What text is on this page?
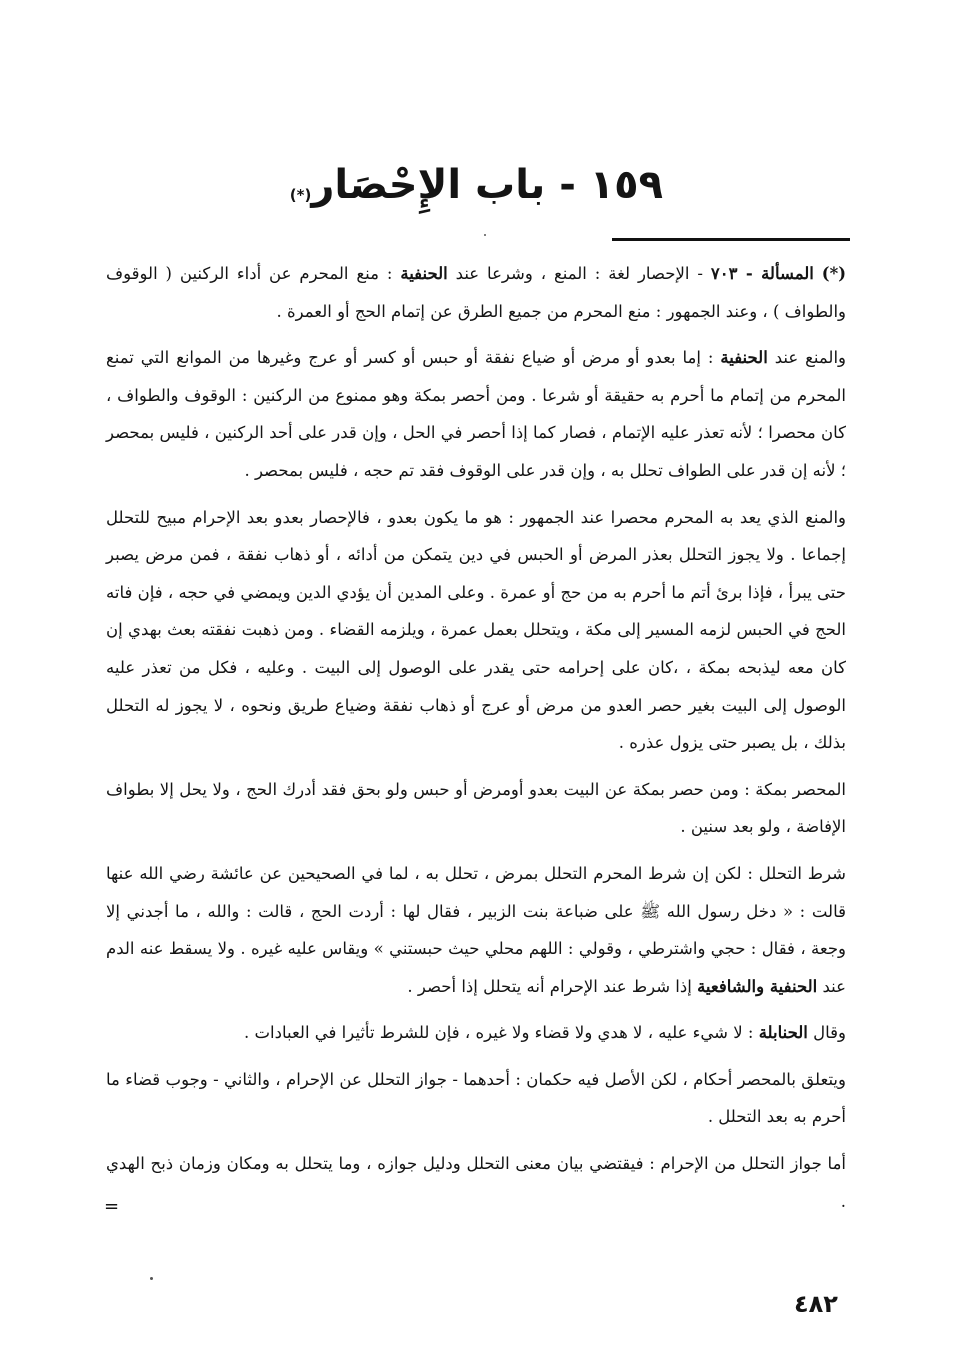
١٥٩ - باب الإِحْصَار(*)

(*) المسألة - ٧٠٣ - الإحصار لغة : المنع ، وشرعا عند الحنفية : منع المحرم عن أداء الركنين ( الوقوف والطواف ) ، وعند الجمهور : منع المحرم من جميع الطرق عن إتمام الحج أو العمرة .

والمنع عند الحنفية : إما بعدو أو مرض أو ضياع نفقة أو حبس أو كسر أو عرج وغيرها من الموانع التي تمنع المحرم من إتمام ما أحرم به حقيقة أو شرعا . ومن أحصر بمكة وهو ممنوع من الركنين : الوقوف والطواف ، كان محصرا ؛ لأنه تعذر عليه الإتمام ، فصار كما إذا أحصر في الحل ، وإن قدر على أحد الركنين ، فليس بمحصر ؛ لأنه إن قدر على الطواف تحلل به ، وإن قدر على الوقوف فقد تم حجه ، فليس بمحصر .

والمنع الذي يعد به المحرم محصرا عند الجمهور : هو ما يكون بعدو ، فالإحصار بعدو بعد الإحرام مبيح للتحلل إجماعا . ولا يجوز التحلل بعذر المرض أو الحبس في دين يتمكن من أدائه ، أو ذهاب نفقة ، فمن مرض يصبر حتى يبرأ ، فإذا برئ أتم ما أحرم به من حج أو عمرة . وعلى المدين أن يؤدي الدين ويمضي في حجه ، فإن فاته الحج في الحبس لزمه المسير إلى مكة ، ويتحلل بعمل عمرة ، ويلزمه القضاء . ومن ذهبت نفقته بعث بهدي إن كان معه ليذبحه بمكة ، ،كان على إحرامه حتى يقدر على الوصول إلى البيت . وعليه ، فكل من تعذر عليه الوصول إلى البيت بغير حصر العدو من مرض أو عرج أو ذهاب نفقة وضياع طريق ونحوه ، لا يجوز له التحلل بذلك ، بل يصبر حتى يزول عذره .

المحصر بمكة : ومن حصر بمكة عن البيت بعدو أومرض أو حبس ولو بحق فقد أدرك الحج ، ولا يحل إلا بطواف الإفاضة ، ولو بعد سنين .

شرط التحلل : لكن إن شرط المحرم التحلل بمرض ، تحلل به ، لما في الصحيحين عن عائشة رضي الله عنها قالت : « دخل رسول الله ﷺ على ضباعة بنت الزبير ، فقال لها : أردت الحج ، قالت : والله ، ما أجدني إلا وجعة ، فقال : حجي واشترطي ، وقولي : اللهم محلي حيث حبستني » ويقاس عليه غيره . ولا يسقط عنه الدم عند الحنفية والشافعية إذا شرط عند الإحرام أنه يتحلل إذا أحصر .

وقال الحنابلة : لا شيء عليه ، لا هدي ولا قضاء ولا غيره ، فإن للشرط تأثيرا في العبادات .

ويتعلق بالمحصر أحكام ، لكن الأصل فيه حكمان : أحدهما - جواز التحلل عن الإحرام ، والثاني - وجوب قضاء ما أحرم به بعد التحلل .

أما جواز التحلل من الإحرام : فيقتضي بيان معنى التحلل ودليل جوازه ، وما يتحلل به ومكان وزمان ذبح الهدي .

=
٤٨٢
